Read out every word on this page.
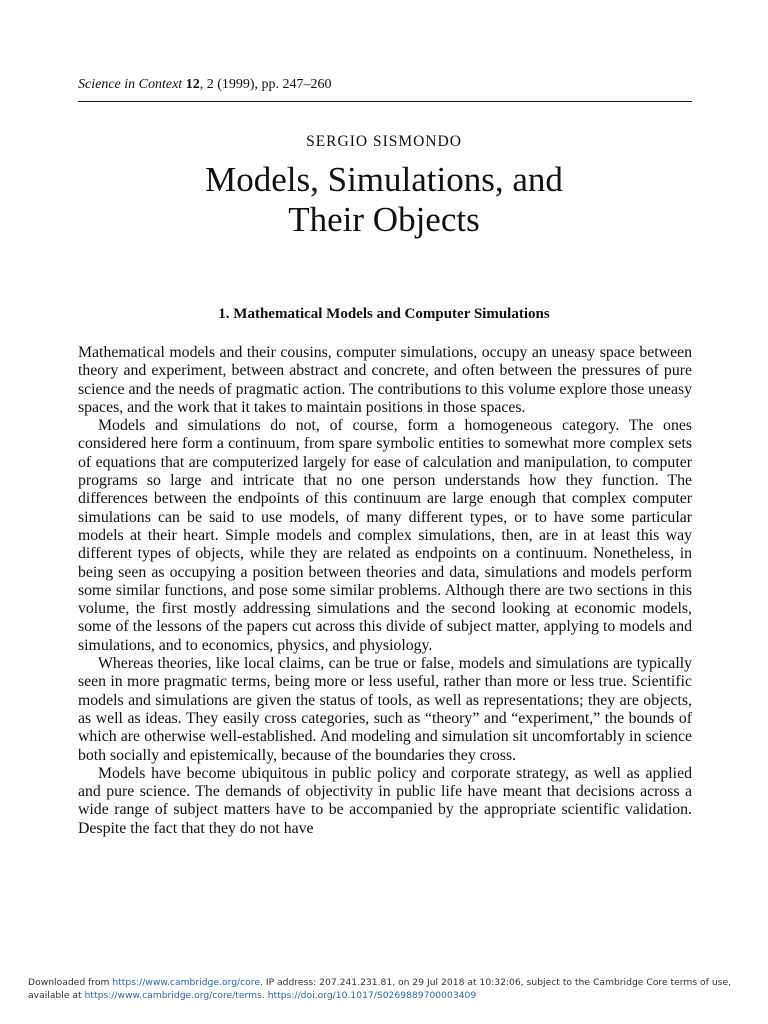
Science in Context 12, 2 (1999), pp. 247–260
SERGIO SISMONDO
Models, Simulations, and
Their Objects
1. Mathematical Models and Computer Simulations

Mathematical models and their cousins, computer simulations, occupy an uneasy space between theory and experiment, between abstract and concrete, and often between the pressures of pure science and the needs of pragmatic action. The contributions to this volume explore those uneasy spaces, and the work that it takes to maintain positions in those spaces.

Models and simulations do not, of course, form a homogeneous category. The ones considered here form a continuum, from spare symbolic entities to somewhat more complex sets of equations that are computerized largely for ease of calculation and manipulation, to computer programs so large and intricate that no one person understands how they function. The differences between the endpoints of this continuum are large enough that complex computer simulations can be said to use models, of many different types, or to have some particular models at their heart. Simple models and complex simulations, then, are in at least this way different types of objects, while they are related as endpoints on a continuum. Nonetheless, in being seen as occupying a position between theories and data, simulations and models perform some similar functions, and pose some similar problems. Although there are two sections in this volume, the first mostly addressing simulations and the second looking at economic models, some of the lessons of the papers cut across this divide of subject matter, applying to models and simulations, and to economics, physics, and physiology.

Whereas theories, like local claims, can be true or false, models and simulations are typically seen in more pragmatic terms, being more or less useful, rather than more or less true. Scientific models and simulations are given the status of tools, as well as representations; they are objects, as well as ideas. They easily cross categories, such as “theory” and “experiment,” the bounds of which are otherwise well-established. And modeling and simulation sit uncomfortably in science both socially and epistemically, because of the boundaries they cross.

Models have become ubiquitous in public policy and corporate strategy, as well as applied and pure science. The demands of objectivity in public life have meant that decisions across a wide range of subject matters have to be accompanied by the appropriate scientific validation. Despite the fact that they do not have

Downloaded from https://www.cambridge.org/core. IP address: 207.241.231.81, on 29 Jul 2018 at 10:32:06, subject to the Cambridge Core terms of use, available at https://www.cambridge.org/core/terms. https://doi.org/10.1017/S0269889700003409
